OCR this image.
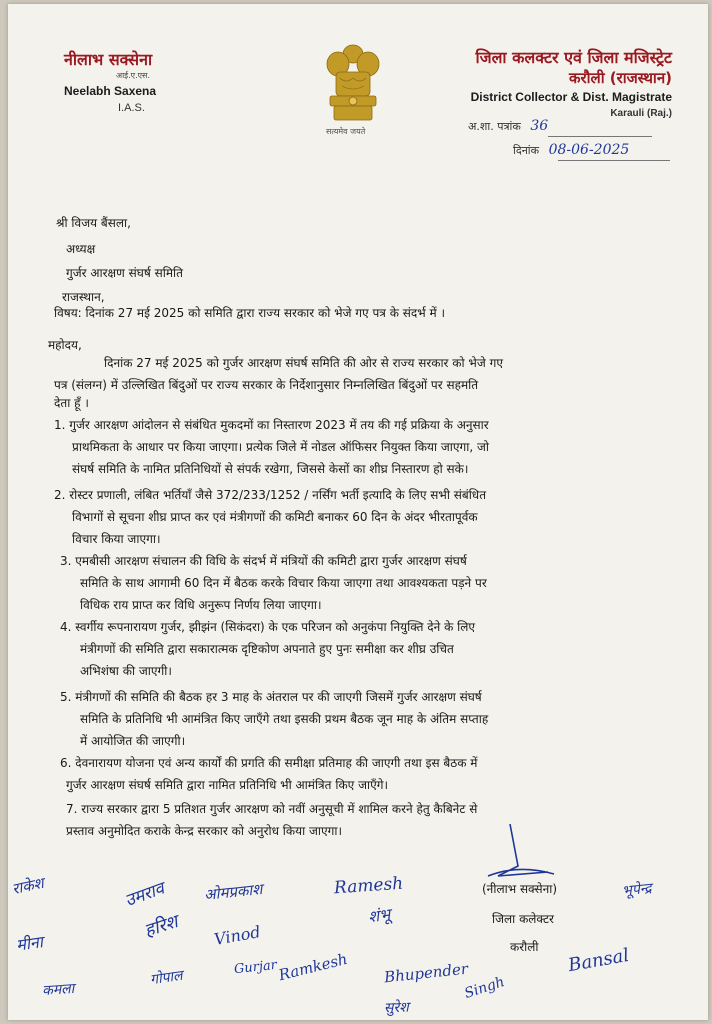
नीलाभ सक्सेना
आई.ए.एस.
Neelabh Saxena
I.A.S.
सत्यमेव जयते
जिला कलक्टर एवं जिला मजिस्ट्रेट
करौली (राजस्थान)
District Collector & Dist. Magistrate
Karauli (Raj.)
अ.शा. पत्रांक 36
दिनांक 08-06-2025
श्री विजय बैंसला,
अध्यक्ष
गुर्जर आरक्षण संघर्ष समिति
राजस्थान,
विषय: दिनांक 27 मई 2025 को समिति द्वारा राज्य सरकार को भेजे गए पत्र के संदर्भ में ।
महोदय,
दिनांक 27 मई 2025 को गुर्जर आरक्षण संघर्ष समिति की ओर से राज्य सरकार को भेजे गए
पत्र (संलग्न) में उल्लिखित बिंदुओं पर राज्य सरकार के निर्देशानुसार निम्नलिखित बिंदुओं पर सहमति
देता हूँ ।
1. गुर्जर आरक्षण आंदोलन से संबंधित मुकदमों का निस्तारण 2023 में तय की गई प्रक्रिया के अनुसार
प्राथमिकता के आधार पर किया जाएगा। प्रत्येक जिले में नोडल ऑफिसर नियुक्त किया जाएगा, जो
संघर्ष समिति के नामित प्रतिनिधियों से संपर्क रखेगा, जिससे केसों का शीघ्र निस्तारण हो सके।
2. रोस्टर प्रणाली, लंबित भर्तियाँ जैसे 372/233/1252 / नर्सिंग भर्ती इत्यादि के लिए सभी संबंधित
विभागों से सूचना शीघ्र प्राप्त कर एवं मंत्रीगणों की कमिटी बनाकर 60 दिन के अंदर भीरतापूर्वक
विचार किया जाएगा।
3. एमबीसी आरक्षण संचालन की विधि के संदर्भ में मंत्रियों की कमिटी द्वारा गुर्जर आरक्षण संघर्ष
समिति के साथ आगामी 60 दिन में बैठक करके विचार किया जाएगा तथा आवश्यकता पड़ने पर
विधिक राय प्राप्त कर विधि अनुरूप निर्णय लिया जाएगा।
4. स्वर्गीय रूपनारायण गुर्जर, झीझंन (सिकंदरा) के एक परिजन को अनुकंपा नियुक्ति देने के लिए
मंत्रीगणों की समिति द्वारा सकारात्मक दृष्टिकोण अपनाते हुए पुनः समीक्षा कर शीघ्र उचित
अभिशंषा की जाएगी।
5. मंत्रीगणों की समिति की बैठक हर 3 माह के अंतराल पर की जाएगी जिसमें गुर्जर आरक्षण संघर्ष
समिति के प्रतिनिधि भी आमंत्रित किए जाएँगे तथा इसकी प्रथम बैठक जून माह के अंतिम सप्ताह
में आयोजित की जाएगी।
6. देवनारायण योजना एवं अन्य कार्यों की प्रगति की समीक्षा प्रतिमाह की जाएगी तथा इस बैठक में
गुर्जर आरक्षण संघर्ष समिति द्वारा नामित प्रतिनिधि भी आमंत्रित किए जाएँगे।
7. राज्य सरकार द्वारा 5 प्रतिशत गुर्जर आरक्षण को नवीं अनुसूची में शामिल करने हेतु कैबिनेट से
प्रस्ताव अनुमोदित कराके केन्द्र सरकार को अनुरोध किया जाएगा।
(नीलाभ सक्सेना)
जिला कलेक्टर
करौली
राकेश	उमराव ओमप्रकाश	Ramesh
शंभू
मीना	Vinod
हरिश
गोपाल
Gurjar
कमला
Ramkesh Bhupender
Singh
भूपेन्द्र
Bansal
सुरेश
